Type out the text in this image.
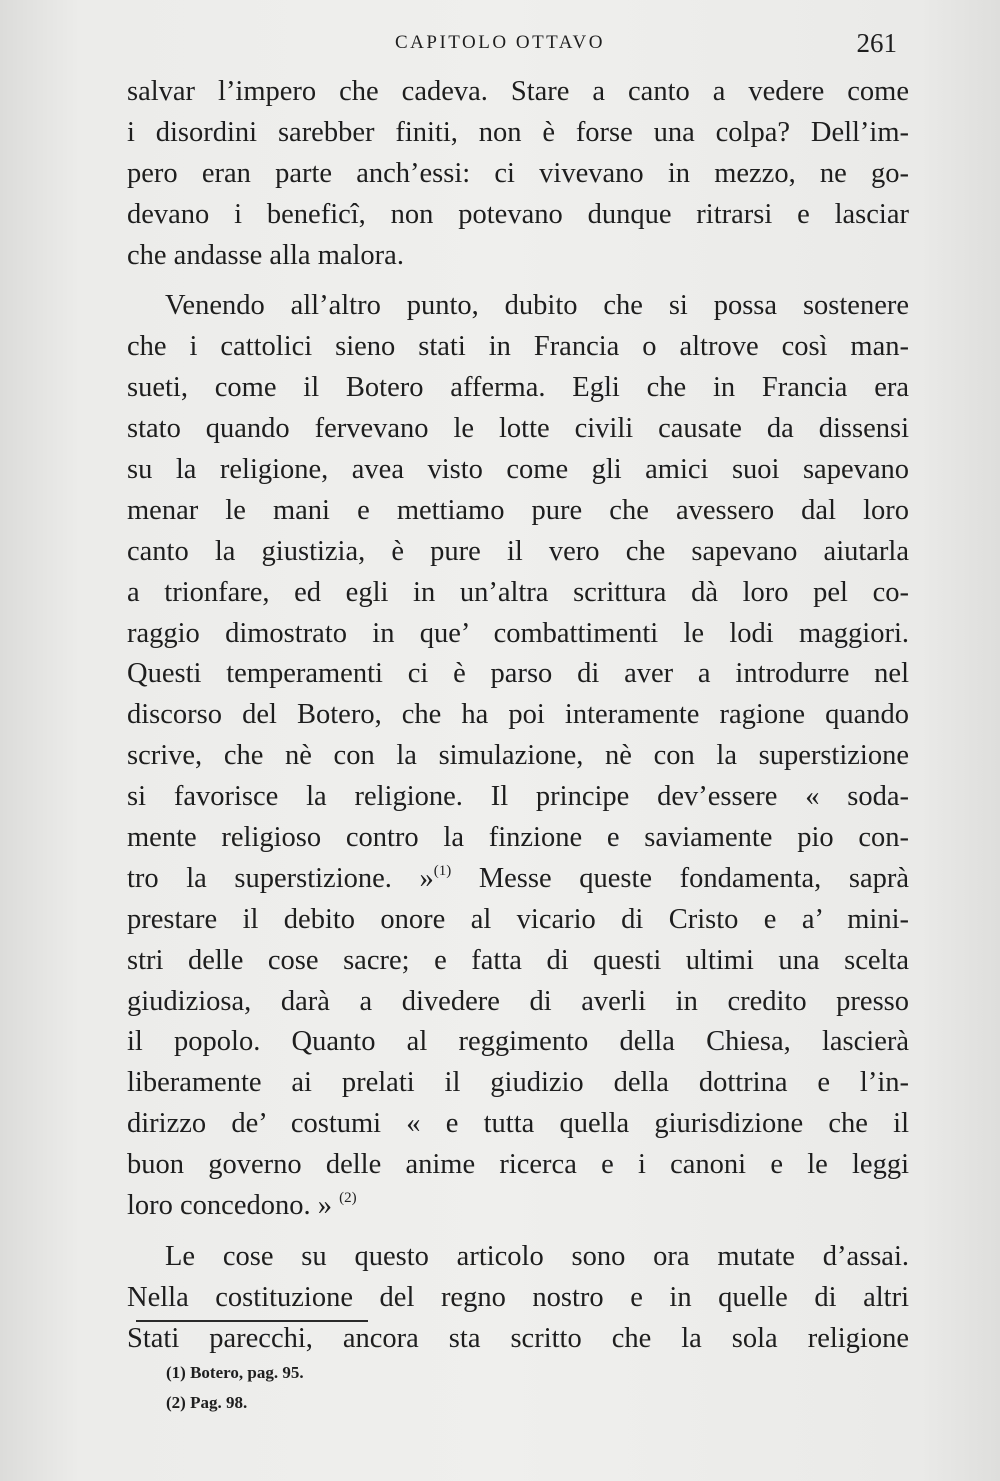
CAPITOLO OTTAVO	261
salvar l’impero che cadeva. Stare a canto a vedere come
i disordini sarebber finiti, non è forse una colpa? Dell’im-
pero eran parte anch’essi: ci vivevano in mezzo, ne go-
devano i beneficî, non potevano dunque ritrarsi e lasciar
che andasse alla malora.
Venendo all’altro punto, dubito che si possa sostenere
che i cattolici sieno stati in Francia o altrove così man-
sueti, come il Botero afferma. Egli che in Francia era
stato quando fervevano le lotte civili causate da dissensi
su la religione, avea visto come gli amici suoi sapevano
menar le mani e mettiamo pure che avessero dal loro
canto la giustizia, è pure il vero che sapevano aiutarla
a trionfare, ed egli in un’altra scrittura dà loro pel co-
raggio dimostrato in que’ combattimenti le lodi maggiori.
Questi temperamenti ci è parso di aver a introdurre nel
discorso del Botero, che ha poi interamente ragione quando
scrive, che nè con la simulazione, nè con la superstizione
si favorisce la religione. Il principe dev’essere « soda-
mente religioso contro la finzione e saviamente pio con-
tro la superstizione. »$^{(1)}$ Messe queste fondamenta, saprà
prestare il debito onore al vicario di Cristo e a’ mini-
stri delle cose sacre; e fatta di questi ultimi una scelta
giudiziosa, darà a divedere di averli in credito presso
il popolo. Quanto al reggimento della Chiesa, lascierà
liberamente ai prelati il giudizio della dottrina e l’in-
dirizzo de’ costumi « e tutta quella giurisdizione che il
buon governo delle anime ricerca e i canoni e le leggi
loro concedono. » $^{(2)}$
Le cose su questo articolo sono ora mutate d’assai.
Nella costituzione del regno nostro e in quelle di altri
Stati parecchi, ancora sta scritto che la sola religione
(1) Botero, pag. 95.
(2) Pag. 98.
